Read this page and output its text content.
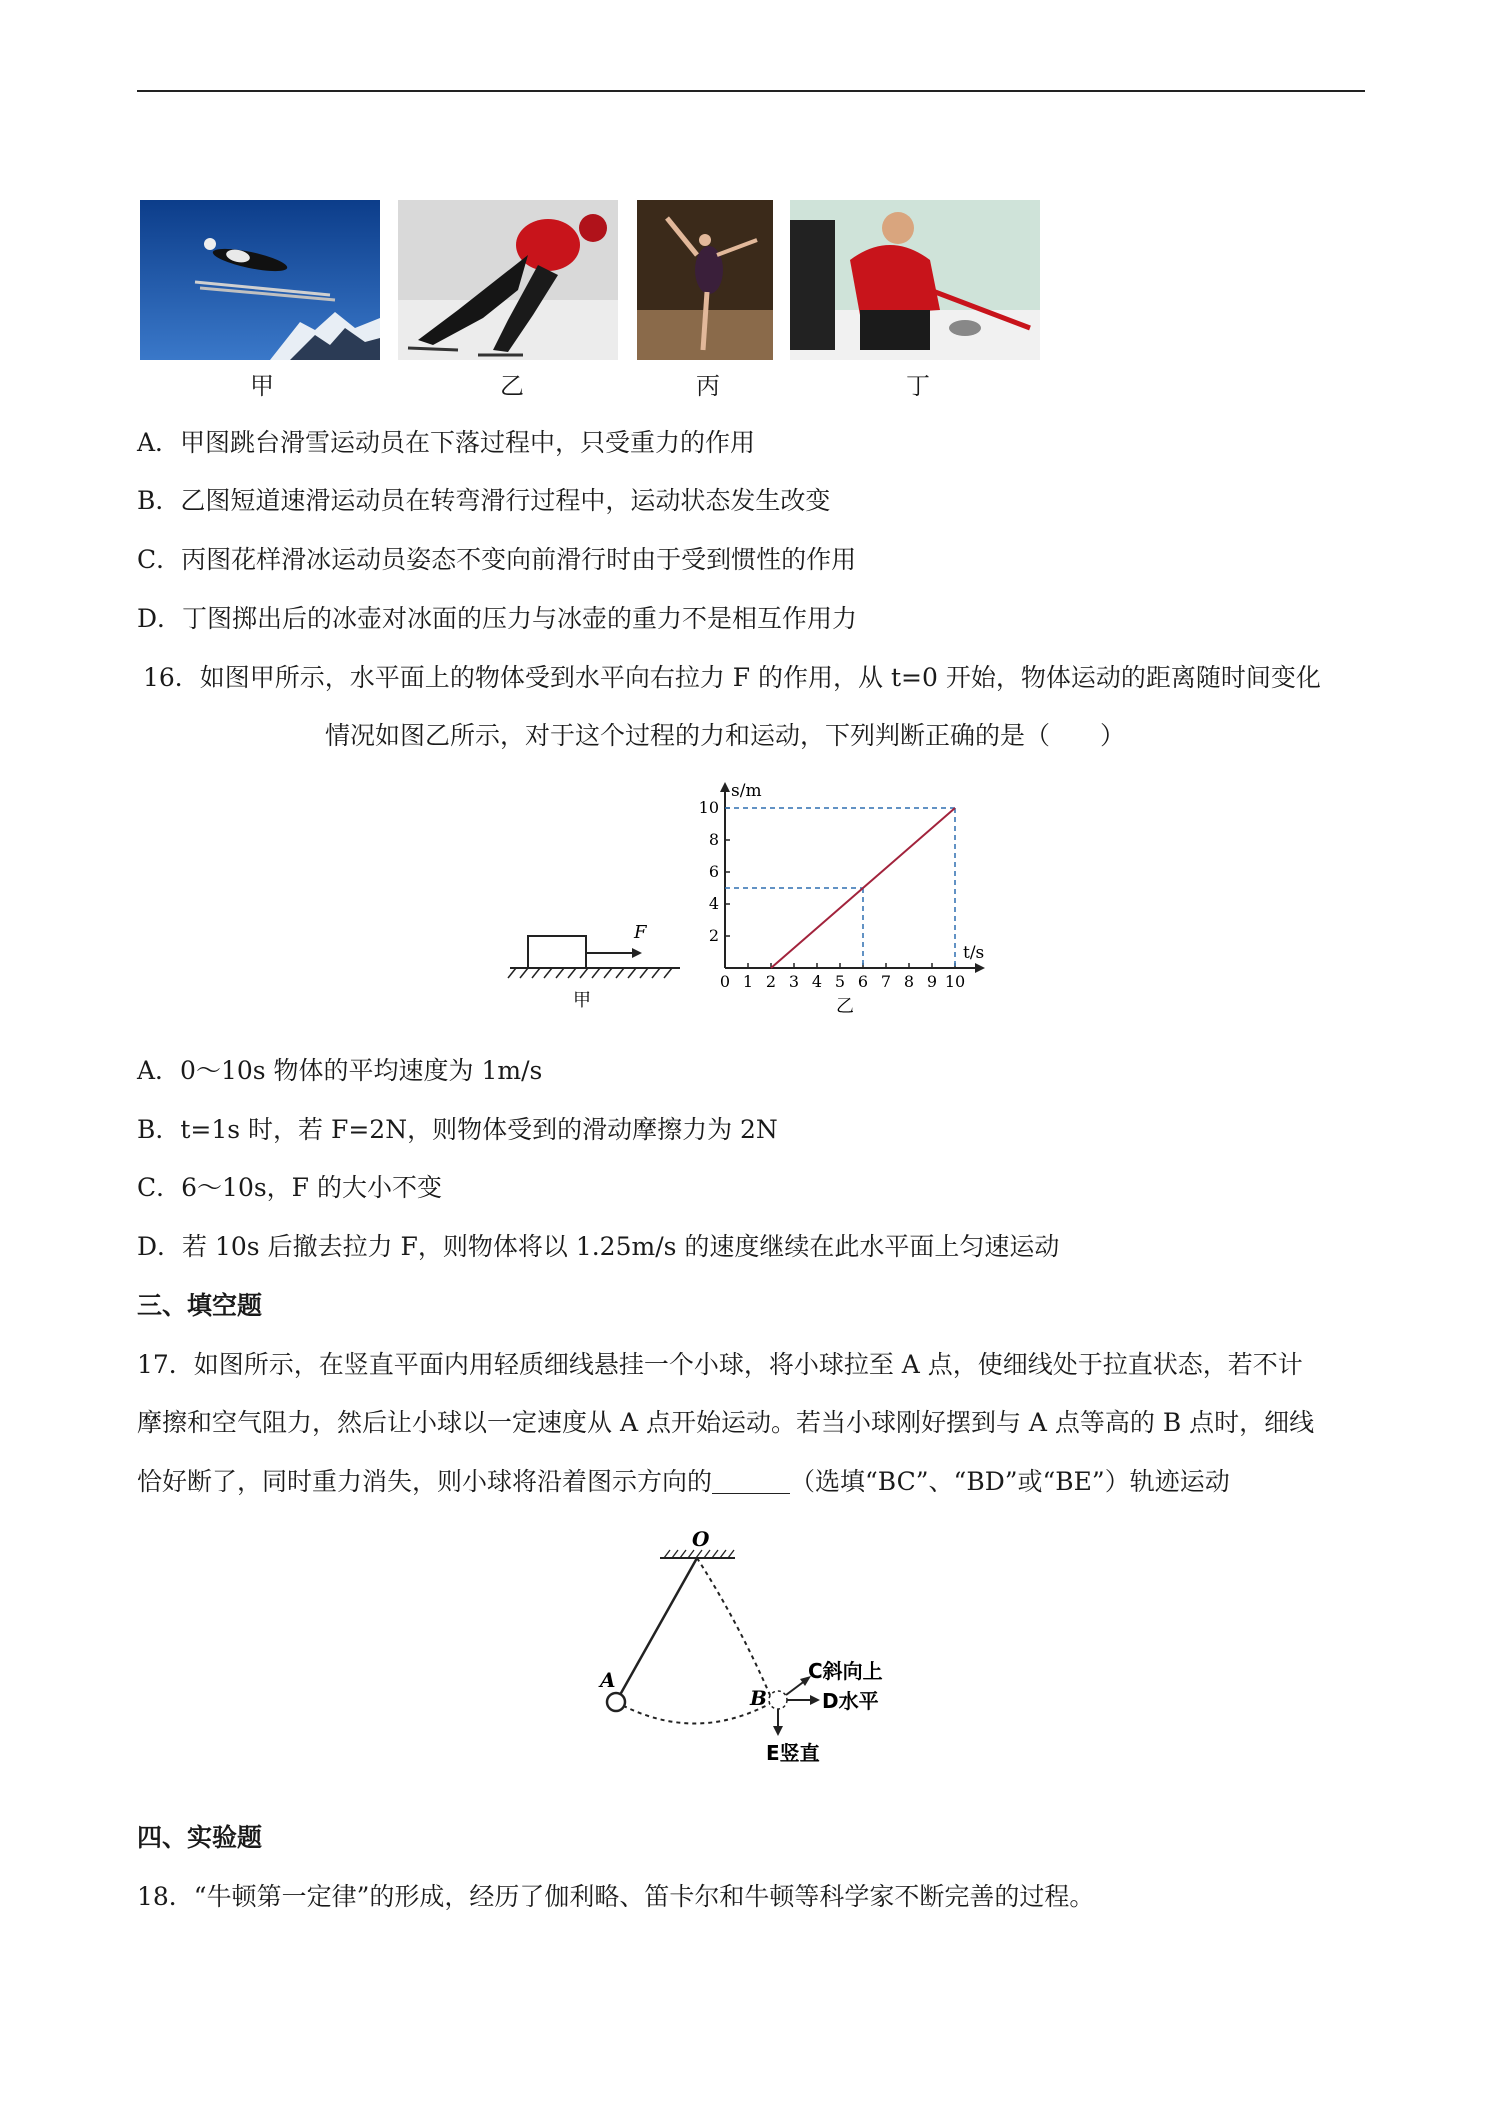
甲	乙	丙	丁
A．甲图跳台滑雪运动员在下落过程中，只受重力的作用
B．乙图短道速滑运动员在转弯滑行过程中，运动状态发生改变
C．丙图花样滑冰运动员姿态不变向前滑行时由于受到惯性的作用
D．丁图掷出后的冰壶对冰面的压力与冰壶的重力不是相互作用力
16．如图甲所示，水平面上的物体受到水平向右拉力 F 的作用，从 t=0 开始，物体运动的距离随时间变化
情况如图乙所示，对于这个过程的力和运动，下列判断正确的是（　　）
F
甲
0 1 2 3 4 5 6 7 8 9 10
2
4
6
8
10
s/m
t/s
乙
A．0～10s 物体的平均速度为 1m/s
B．t=1s 时，若 F=2N，则物体受到的滑动摩擦力为 2N
C．6～10s，F 的大小不变
D．若 10s 后撤去拉力 F，则物体将以 1.25m/s 的速度继续在此水平面上匀速运动
三、填空题
17．如图所示，在竖直平面内用轻质细线悬挂一个小球，将小球拉至 A 点，使细线处于拉直状态，若不计
摩擦和空气阻力，然后让小球以一定速度从 A 点开始运动。若当小球刚好摆到与 A 点等高的 B 点时，细线
恰好断了，同时重力消失，则小球将沿着图示方向的	（选填“BC”、“BD”或“BE”）轨迹运动
O
A
B
C斜向上
D水平
E竖直
四、实验题
18．“牛顿第一定律”的形成，经历了伽利略、笛卡尔和牛顿等科学家不断完善的过程。
